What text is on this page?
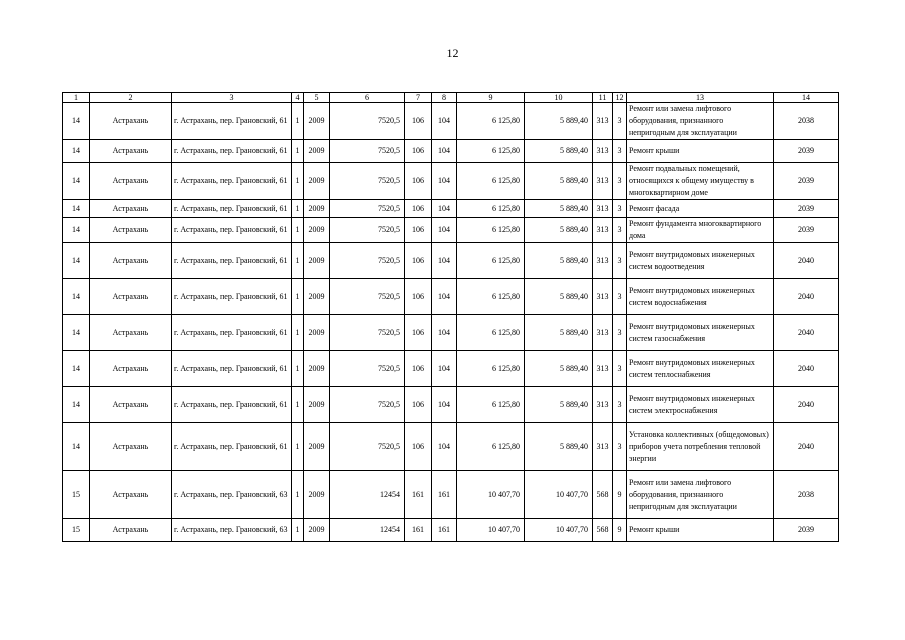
12
1	2	3	4	5	6	7	8	9	10	11	12	13	14
14	Астрахань	г. Астрахань, пер. Грановский, 61	1	2009	7520,5	106	104	6 125,80	5 889,40	313	3	Ремонт или замена лифтового оборудования, признанного непригодным для эксплуатации	2038
14	Астрахань	г. Астрахань, пер. Грановский, 61	1	2009	7520,5	106	104	6 125,80	5 889,40	313	3	Ремонт крыши	2039
14	Астрахань	г. Астрахань, пер. Грановский, 61	1	2009	7520,5	106	104	6 125,80	5 889,40	313	3	Ремонт подвальных помещений, относящихся к общему имуществу в многоквартирном доме	2039
14	Астрахань	г. Астрахань, пер. Грановский, 61	1	2009	7520,5	106	104	6 125,80	5 889,40	313	3	Ремонт фасада	2039
14	Астрахань	г. Астрахань, пер. Грановский, 61	1	2009	7520,5	106	104	6 125,80	5 889,40	313	3	Ремонт фундамента многоквартирного дома	2039
14	Астрахань	г. Астрахань, пер. Грановский, 61	1	2009	7520,5	106	104	6 125,80	5 889,40	313	3	Ремонт внутридомовых инженерных систем водоотведения	2040
14	Астрахань	г. Астрахань, пер. Грановский, 61	1	2009	7520,5	106	104	6 125,80	5 889,40	313	3	Ремонт внутридомовых инженерных систем водоснабжения	2040
14	Астрахань	г. Астрахань, пер. Грановский, 61	1	2009	7520,5	106	104	6 125,80	5 889,40	313	3	Ремонт внутридомовых инженерных систем газоснабжения	2040
14	Астрахань	г. Астрахань, пер. Грановский, 61	1	2009	7520,5	106	104	6 125,80	5 889,40	313	3	Ремонт внутридомовых инженерных систем теплоснабжения	2040
14	Астрахань	г. Астрахань, пер. Грановский, 61	1	2009	7520,5	106	104	6 125,80	5 889,40	313	3	Ремонт внутридомовых инженерных систем электроснабжения	2040
14	Астрахань	г. Астрахань, пер. Грановский, 61	1	2009	7520,5	106	104	6 125,80	5 889,40	313	3	Установка коллективных (общедомовых) приборов учета потребления тепловой энергии	2040
15	Астрахань	г. Астрахань, пер. Грановский, 63	1	2009	12454	161	161	10 407,70	10 407,70	568	9	Ремонт или замена лифтового оборудования, признанного непригодным для эксплуатации	2038
15	Астрахань	г. Астрахань, пер. Грановский, 63	1	2009	12454	161	161	10 407,70	10 407,70	568	9	Ремонт крыши	2039
